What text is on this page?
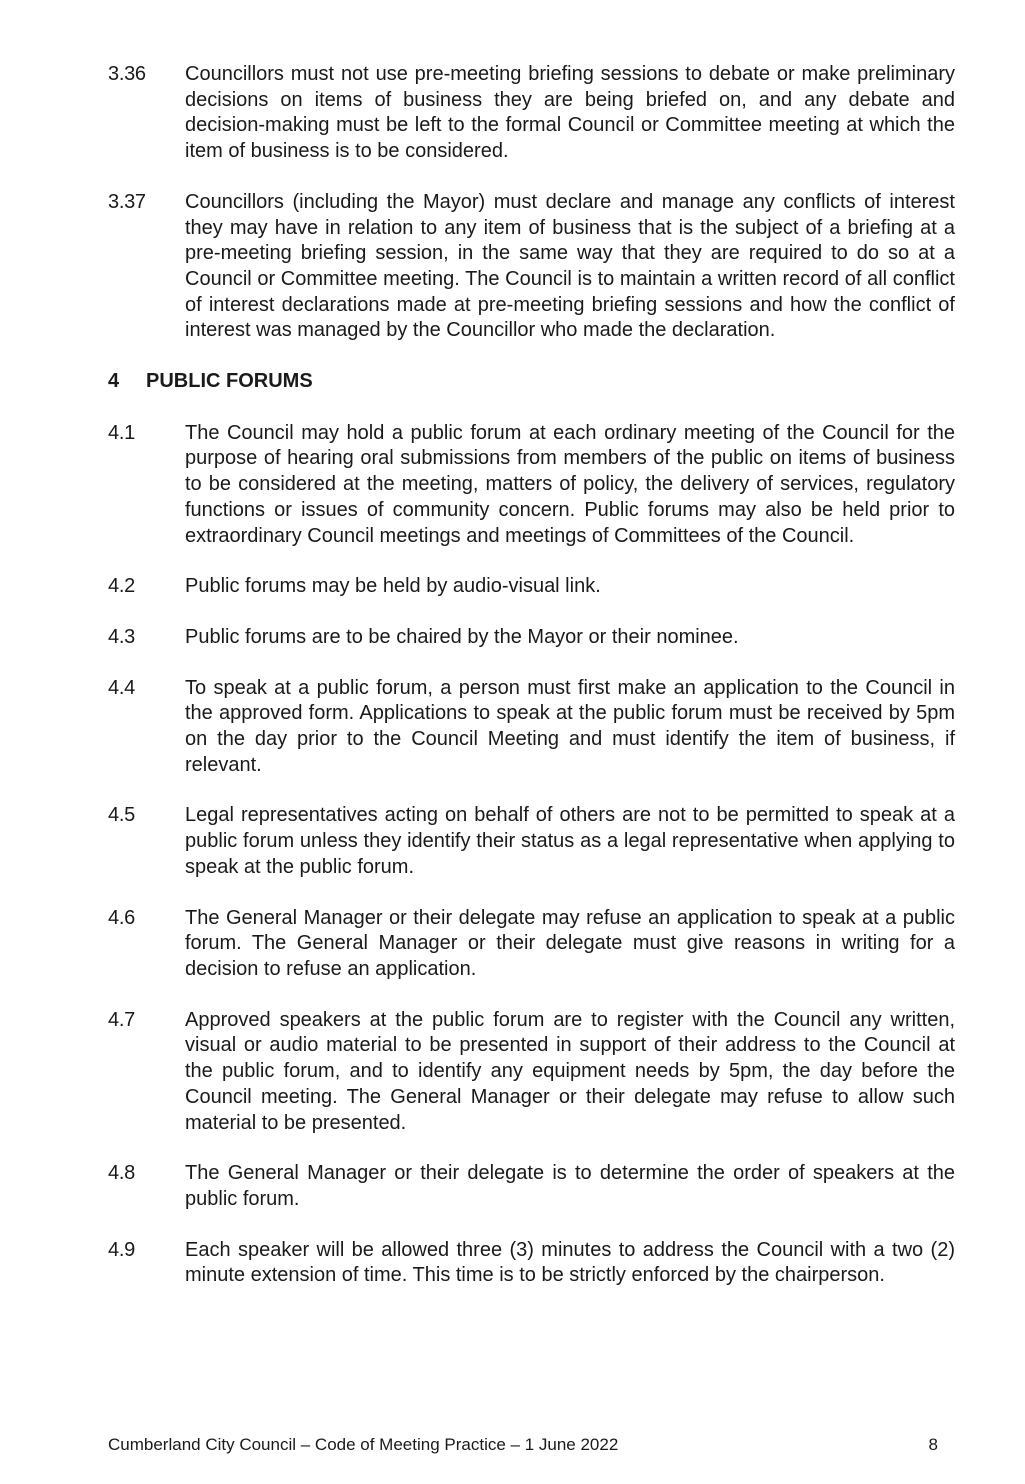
3.36	Councillors must not use pre-meeting briefing sessions to debate or make preliminary decisions on items of business they are being briefed on, and any debate and decision-making must be left to the formal Council or Committee meeting at which the item of business is to be considered.
3.37	Councillors (including the Mayor) must declare and manage any conflicts of interest they may have in relation to any item of business that is the subject of a briefing at a pre-meeting briefing session, in the same way that they are required to do so at a Council or Committee meeting. The Council is to maintain a written record of all conflict of interest declarations made at pre-meeting briefing sessions and how the conflict of interest was managed by the Councillor who made the declaration.
4	PUBLIC FORUMS
4.1	The Council may hold a public forum at each ordinary meeting of the Council for the purpose of hearing oral submissions from members of the public on items of business to be considered at the meeting, matters of policy, the delivery of services, regulatory functions or issues of community concern. Public forums may also be held prior to extraordinary Council meetings and meetings of Committees of the Council.
4.2	Public forums may be held by audio-visual link.
4.3	Public forums are to be chaired by the Mayor or their nominee.
4.4	To speak at a public forum, a person must first make an application to the Council in the approved form. Applications to speak at the public forum must be received by 5pm on the day prior to the Council Meeting and must identify the item of business, if relevant.
4.5	Legal representatives acting on behalf of others are not to be permitted to speak at a public forum unless they identify their status as a legal representative when applying to speak at the public forum.
4.6	The General Manager or their delegate may refuse an application to speak at a public forum. The General Manager or their delegate must give reasons in writing for a decision to refuse an application.
4.7	Approved speakers at the public forum are to register with the Council any written, visual or audio material to be presented in support of their address to the Council at the public forum, and to identify any equipment needs by 5pm, the day before the Council meeting. The General Manager or their delegate may refuse to allow such material to be presented.
4.8	The General Manager or their delegate is to determine the order of speakers at the public forum.
4.9	Each speaker will be allowed three (3) minutes to address the Council with a two (2) minute extension of time. This time is to be strictly enforced by the chairperson.
Cumberland City Council – Code of Meeting Practice – 1 June 2022	8
